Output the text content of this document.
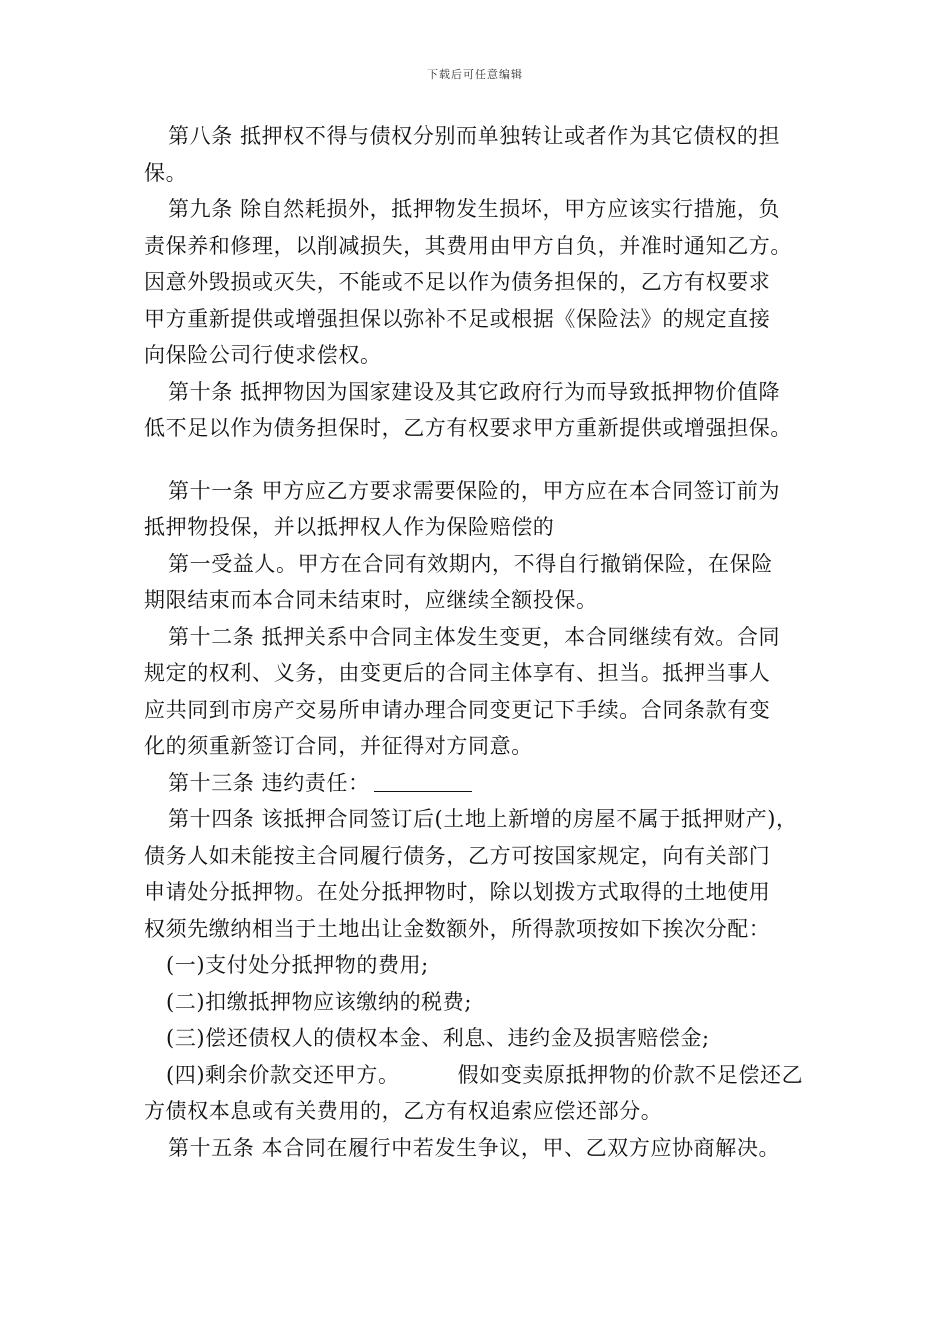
下载后可任意编辑
第八条 抵押权不得与债权分别而单独转让或者作为其它债权的担
保。
第九条 除自然耗损外，抵押物发生损坏，甲方应该实行措施，负
责保养和修理，以削减损失，其费用由甲方自负，并准时通知乙方。
因意外毁损或灭失，不能或不足以作为债务担保的，乙方有权要求
甲方重新提供或增强担保以弥补不足或根据《保险法》的规定直接
向保险公司行使求偿权。
第十条 抵押物因为国家建设及其它政府行为而导致抵押物价值降
低不足以作为债务担保时，乙方有权要求甲方重新提供或增强担保。
第十一条 甲方应乙方要求需要保险的，甲方应在本合同签订前为
抵押物投保，并以抵押权人作为保险赔偿的
第一受益人。甲方在合同有效期内，不得自行撤销保险，在保险
期限结束而本合同未结束时，应继续全额投保。
第十二条 抵押关系中合同主体发生变更，本合同继续有效。合同
规定的权利、义务，由变更后的合同主体享有、担当。抵押当事人
应共同到市房产交易所申请办理合同变更记下手续。合同条款有变
化的须重新签订合同，并征得对方同意。
第十三条 违约责任：
第十四条 该抵押合同签订后(土地上新增的房屋不属于抵押财产)，
债务人如未能按主合同履行债务，乙方可按国家规定，向有关部门
申请处分抵押物。在处分抵押物时，除以划拨方式取得的土地使用
权须先缴纳相当于土地出让金数额外，所得款项按如下挨次分配：
(一)支付处分抵押物的费用;
(二)扣缴抵押物应该缴纳的税费;
(三)偿还债权人的债权本金、利息、违约金及损害赔偿金;
(四)剩余价款交还甲方。	假如变卖原抵押物的价款不足偿还乙
方债权本息或有关费用的，乙方有权追索应偿还部分。
第十五条 本合同在履行中若发生争议，甲、乙双方应协商解决。
